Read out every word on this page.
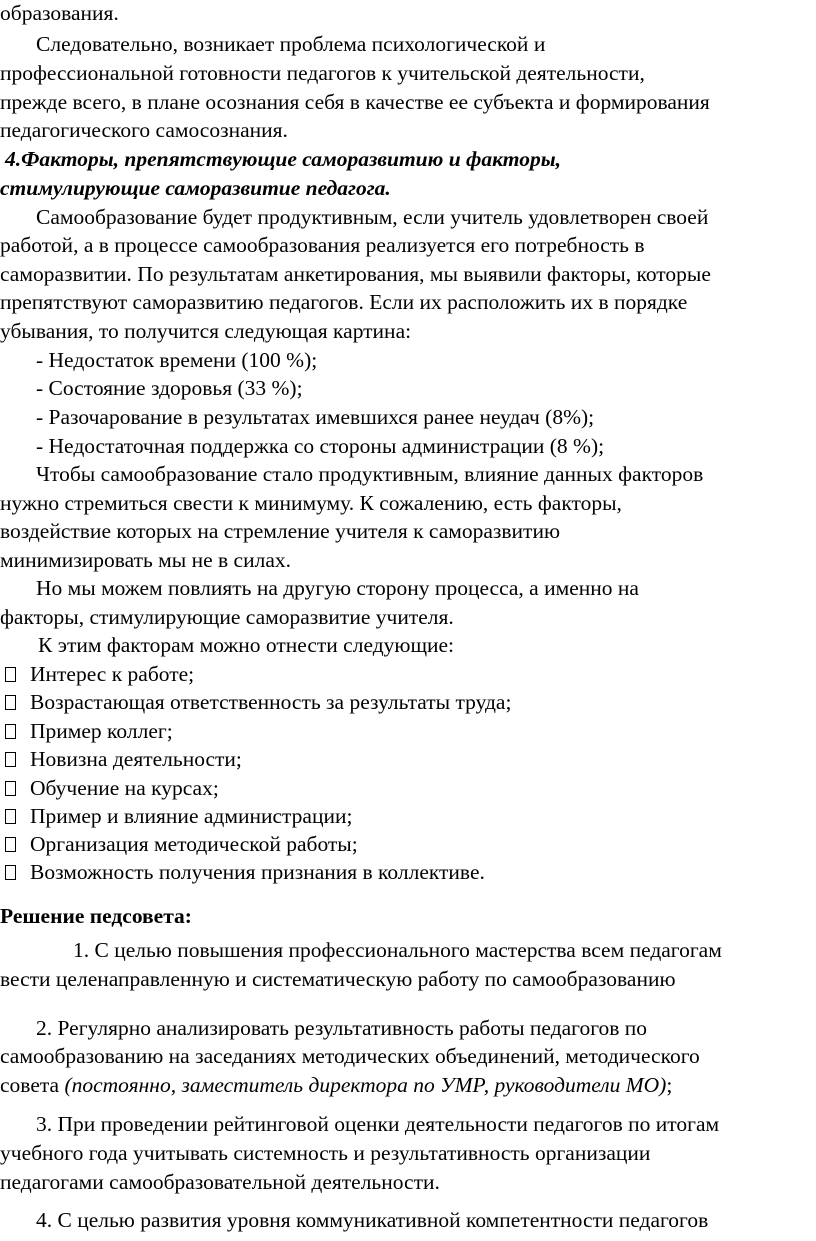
образования.
Следовательно, возникает проблема психологической и
профессиональной готовности педагогов к учительской деятельности,
прежде всего, в плане осознания себя в качестве ее субъекта и формирования
педагогического самосознания.
4.Факторы, препятствующие саморазвитию и факторы,
стимулирующие саморазвитие педагога.
Самообразование будет продуктивным, если учитель удовлетворен своей
работой, а в процессе самообразования реализуется его потребность в
саморазвитии. По результатам анкетирования, мы выявили факторы, которые
препятствуют саморазвитию педагогов. Если их расположить их в порядке
убывания, то получится следующая картина:
- Недостаток времени (100 %);
- Состояние здоровья (33 %);
- Разочарование в результатах имевшихся ранее неудач (8%);
- Недостаточная поддержка со стороны администрации (8 %);
Чтобы самообразование стало продуктивным, влияние данных факторов
нужно стремиться свести к минимуму. К сожалению, есть факторы,
воздействие которых на стремление учителя к саморазвитию
минимизировать мы не в силах.
Но мы можем повлиять на другую сторону процесса, а именно на
факторы, стимулирующие саморазвитие учителя.
К этим факторам можно отнести следующие:
Интерес к работе;
Возрастающая ответственность за результаты труда;
Пример коллег;
Новизна деятельности;
Обучение на курсах;
Пример и влияние администрации;
Организация методической работы;
Возможность получения признания в коллективе.
Решение педсовета:
1. С целью повышения профессионального мастерства всем педагогам
вести целенаправленную и систематическую работу по самообразованию
2. Регулярно анализировать результативность работы педагогов по
самообразованию на заседаниях методических объединений, методического
совета (постоянно, заместитель директора по УМР, руководители МО);
3. При проведении рейтинговой оценки деятельности педагогов по итогам
учебного года учитывать системность и результативность организации
педагогами самообразовательной деятельности.
4. С целью развития уровня коммуникативной компетентности педагогов
